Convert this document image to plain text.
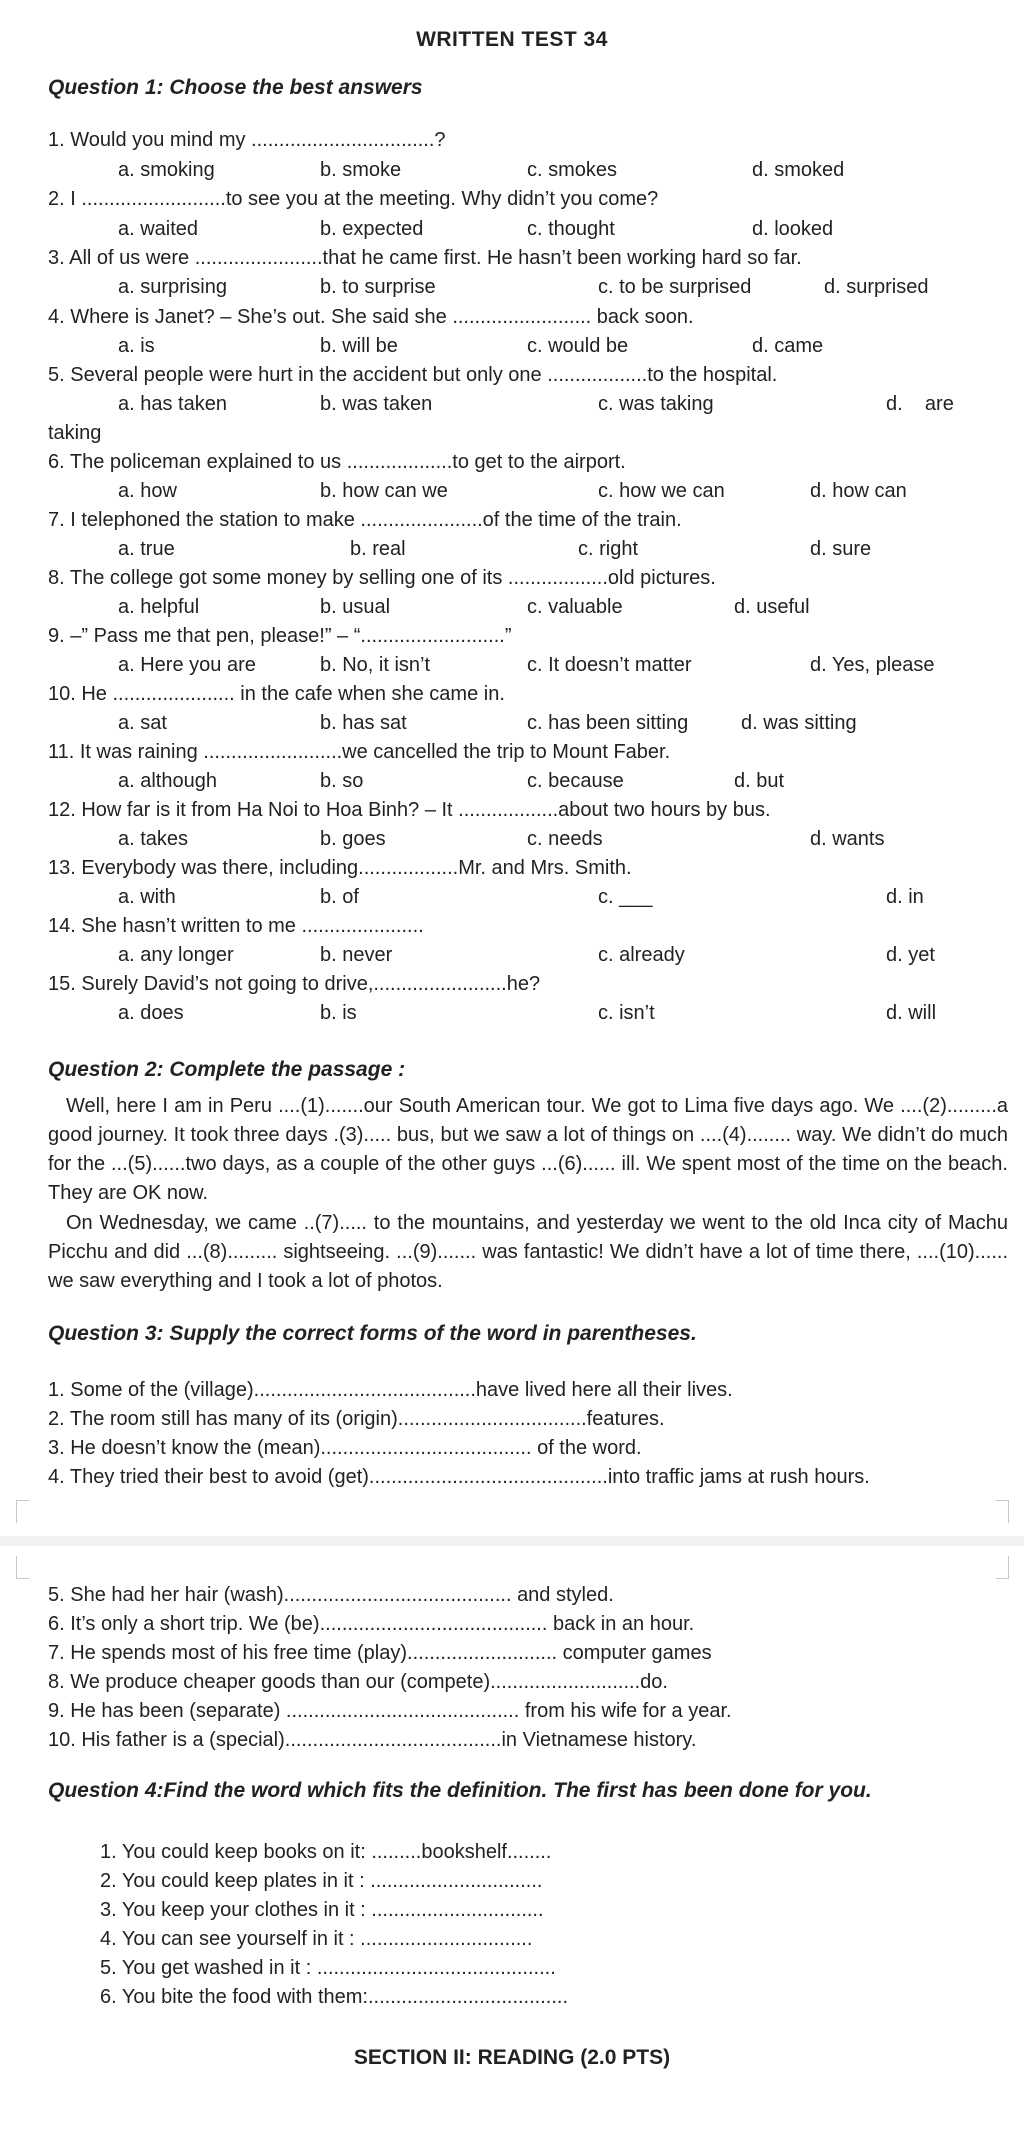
WRITTEN TEST 34
Question 1: Choose the best answers
1. Would you mind my .................................?
a. smoking	b. smoke	c. smokes	d. smoked
2. I ..........................to see you at the meeting. Why didn’t you come?
a. waited	b. expected	c. thought	d. looked
3. All of us were .......................that he came first. He hasn’t been working hard so far.
a. surprising	b. to surprise	c. to be surprised	d. surprised
4. Where is Janet? – She’s out. She said she ......................... back soon.
a. is	b. will be	c. would be	d. came
5. Several people were hurt in the accident but only one ..................to the hospital.
a. has taken	b. was taken	c. was taking	d.    are
taking
6. The policeman explained to us ...................to get to the airport.
a. how	b. how can we	c. how we can	d. how can
7. I telephoned the station to make ......................of the time of the train.
a. true	b. real	c. right	d. sure
8. The college got some money by selling one of its ..................old pictures.
a. helpful	b. usual	c. valuable	d. useful
9. –” Pass me that pen, please!” – “..........................”
a. Here you are	b. No, it isn’t	c. It doesn’t matter	d. Yes, please
10. He ...................... in the cafe when she came in.
a. sat	b. has sat	c. has been sitting	d. was sitting
11. It was raining .........................we cancelled the trip to Mount Faber.
a. although	b. so	c. because	d. but
12. How far is it from Ha Noi to Hoa Binh? – It ..................about two hours by bus.
a. takes	b. goes	c. needs	d. wants
13. Everybody was there, including..................Mr. and Mrs. Smith.
a. with	b. of	c. ___	d. in
14. She hasn’t written to me ......................
a. any longer	b. never	c. already	d. yet
15. Surely David’s not going to drive,........................he?
a. does	b. is	c. isn’t	d. will
Question 2: Complete the passage :
Well, here I am in Peru ....(1).......our South American tour. We got to Lima five days ago. We ....(2).........a good journey. It took three days .(3)..... bus, but we saw a lot of things on ....(4)........ way. We didn’t do much for the ...(5)......two days, as a couple of the other guys ...(6)...... ill. We spent most of the time on the beach. They are OK now.
On Wednesday, we came ..(7)..... to the mountains, and yesterday we went to the old Inca city of Machu Picchu and did ...(8)......... sightseeing. ...(9)....... was fantastic! We didn’t have a lot of time there, ....(10)...... we saw everything and I took a lot of photos.
Question 3: Supply the correct forms of the word in parentheses.
1. Some of the (village)........................................have lived here all their lives.
2. The room still has many of its (origin)..................................features.
3. He doesn’t know the (mean)...................................... of the word.
4. They tried their best to avoid (get)...........................................into traffic jams at rush hours.
5. She had her hair (wash)......................................... and styled.
6. It’s only a short trip. We (be)......................................... back in an hour.
7. He spends most of his free time (play)........................... computer games
8. We produce cheaper goods than our (compete)...........................do.
9. He has been (separate) .......................................... from his wife for a year.
10. His father is a (special).......................................in Vietnamese history.
Question 4:Find the word which fits the definition. The first has been done for you.
1. You could keep books on it: .........bookshelf........
2. You could keep plates in it : ...............................
3. You keep your clothes in it : ...............................
4. You can see yourself in it : ...............................
5. You get washed in it : ...........................................
6. You bite the food with them:....................................
SECTION II: READING (2.0 PTS)
